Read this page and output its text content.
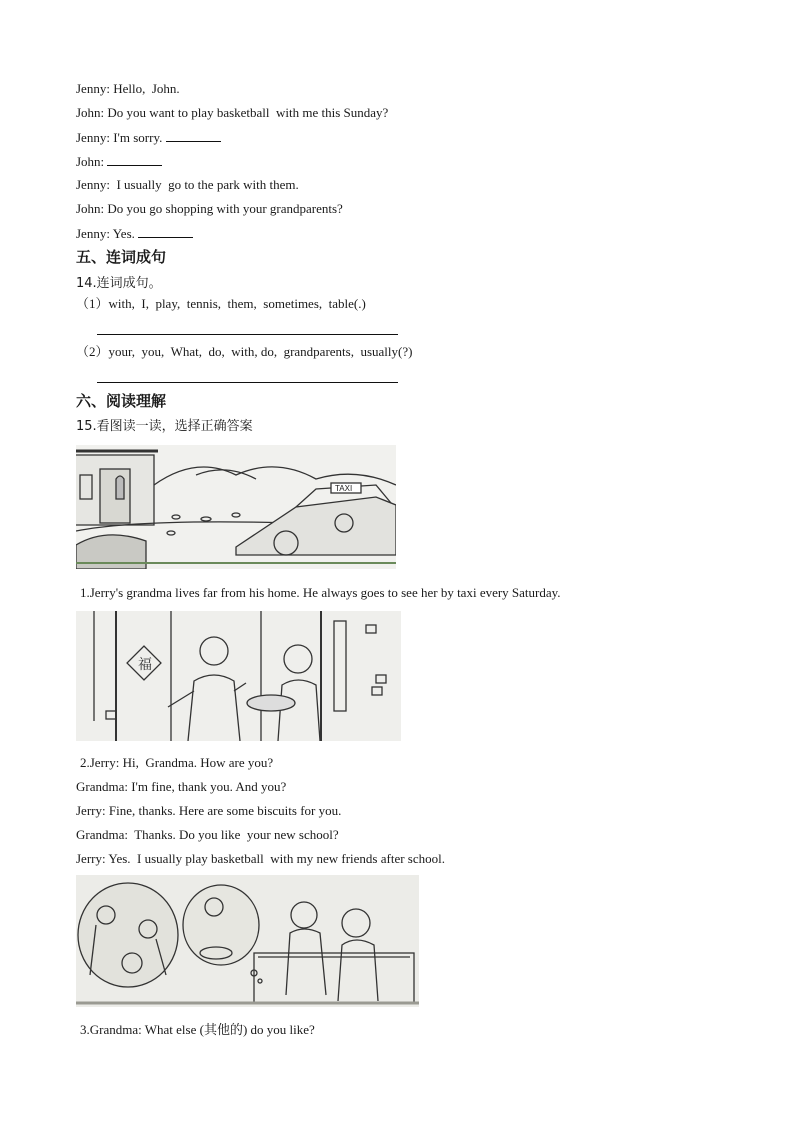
Jenny: Hello,  John.
John: Do you want to play basketball  with me this Sunday?
Jenny: I'm sorry.
John:
Jenny:  I usually  go to the park with them.
John: Do you go shopping with your grandparents?
Jenny: Yes.
五、连词成句
14.连词成句。
（1）with,  I,  play,  tennis,  them,  sometimes,  table(.)
（2）your,  you,  What,  do,  with, do,  grandparents,  usually(?)
六、阅读理解
15.看图读一读，选择正确答案
TAXI
1.Jerry's grandma lives far from his home. He always goes to see her by taxi every Saturday.
福
2.Jerry: Hi,  Grandma. How are you?
Grandma: I'm fine, thank you. And you?
Jerry: Fine, thanks. Here are some biscuits for you.
Grandma:  Thanks. Do you like  your new school?
Jerry: Yes.  I usually play basketball  with my new friends after school.
3.Grandma: What else (其他的) do you like?
